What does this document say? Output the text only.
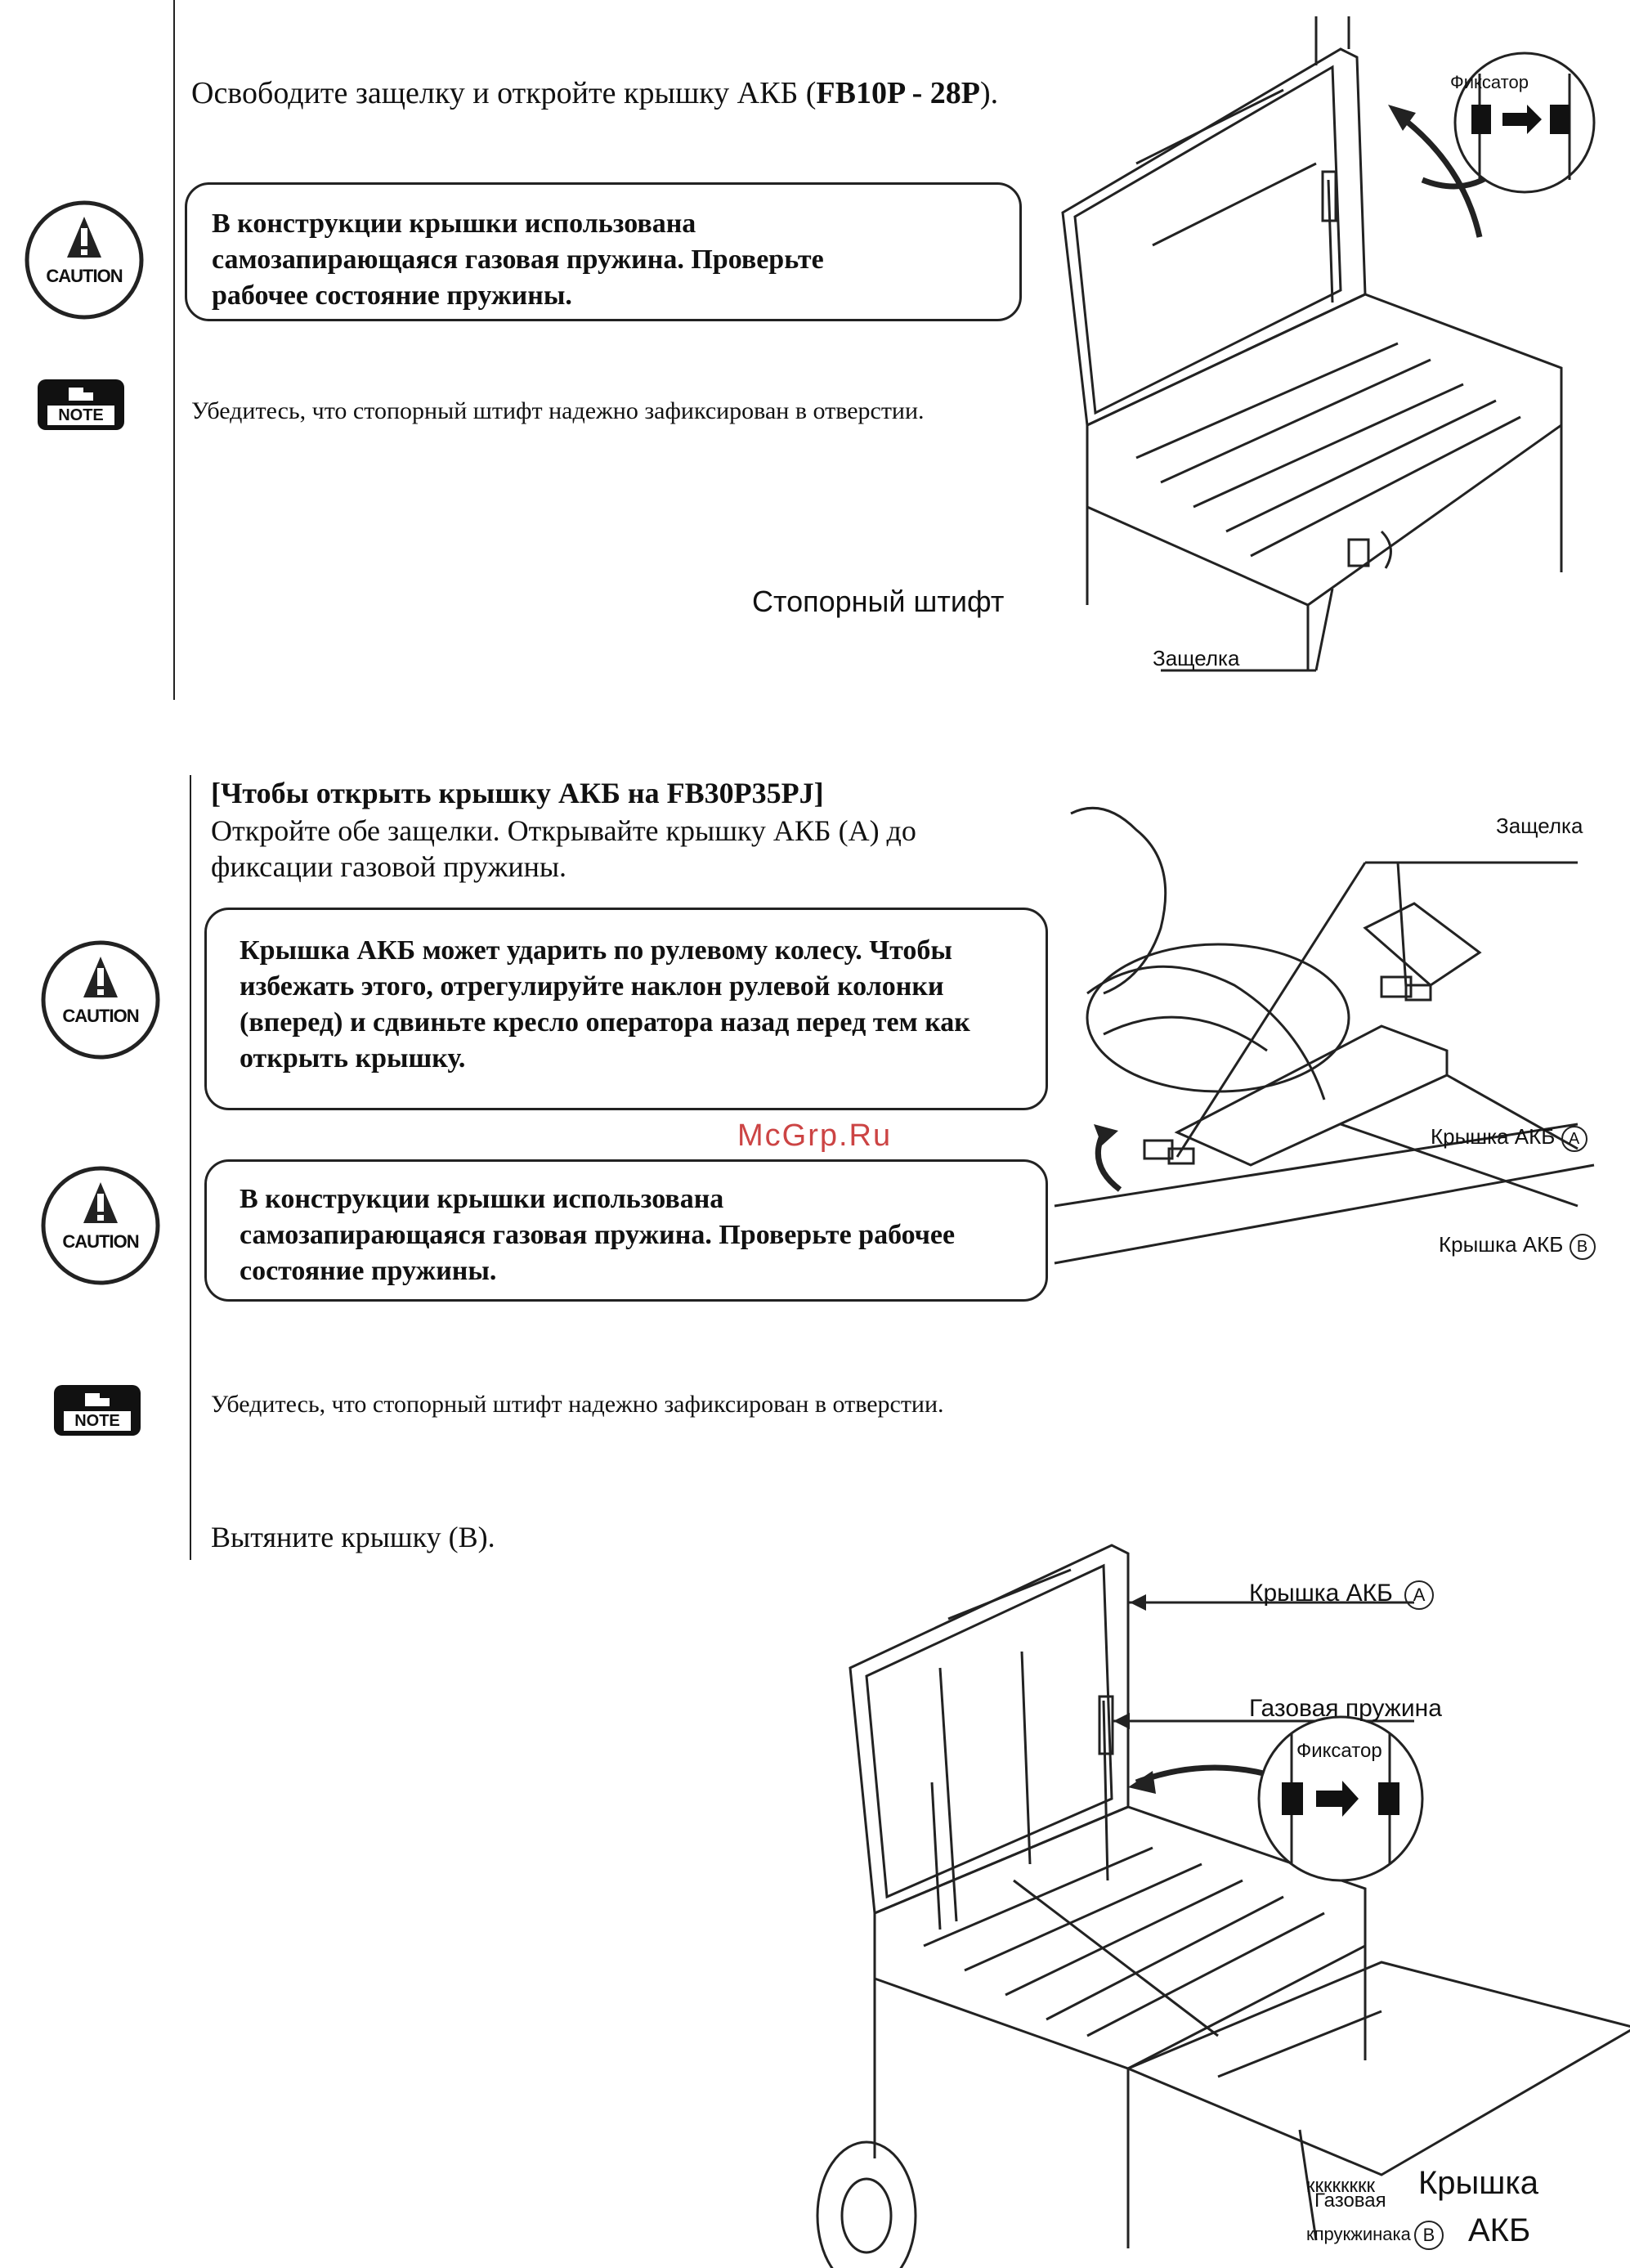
Освободите защелку и откройте крышку АКБ (FB10P - 28P).
CAUTION
В конструкции крышки использована самозапирающаяся газовая пружина. Проверьте рабочее состояние пружины.
NOTE	Убедитесь, что стопорный штифт надежно зафиксирован в отверстии.
Фиксатор
Стопорный штифт
Защелка
[Чтобы открыть крышку АКБ на FB30P35PJ]
Откройте обе защелки. Открывайте крышку АКБ (A) до фиксации газовой пружины.
CAUTION
Крышка АКБ может ударить по рулевому колесу. Чтобы избежать этого, отрегулируйте наклон рулевой колонки (вперед) и сдвиньте кресло оператора назад перед тем как открыть крышку.
CAUTION
В конструкции крышки использована самозапирающаяся газовая пружина. Проверьте рабочее состояние пружины.
NOTE
Убедитесь, что стопорный штифт надежно зафиксирован в отверстии.
Вытяните крышку (B).
McGrp.Ru
Защелка
Крышка АКБ A
Крышка АКБ B
Крышка АКБ A
Газовая пружина
Фиксатор
кккккккк
Газовая
кпрукжинака B
Крышка
АКБ
